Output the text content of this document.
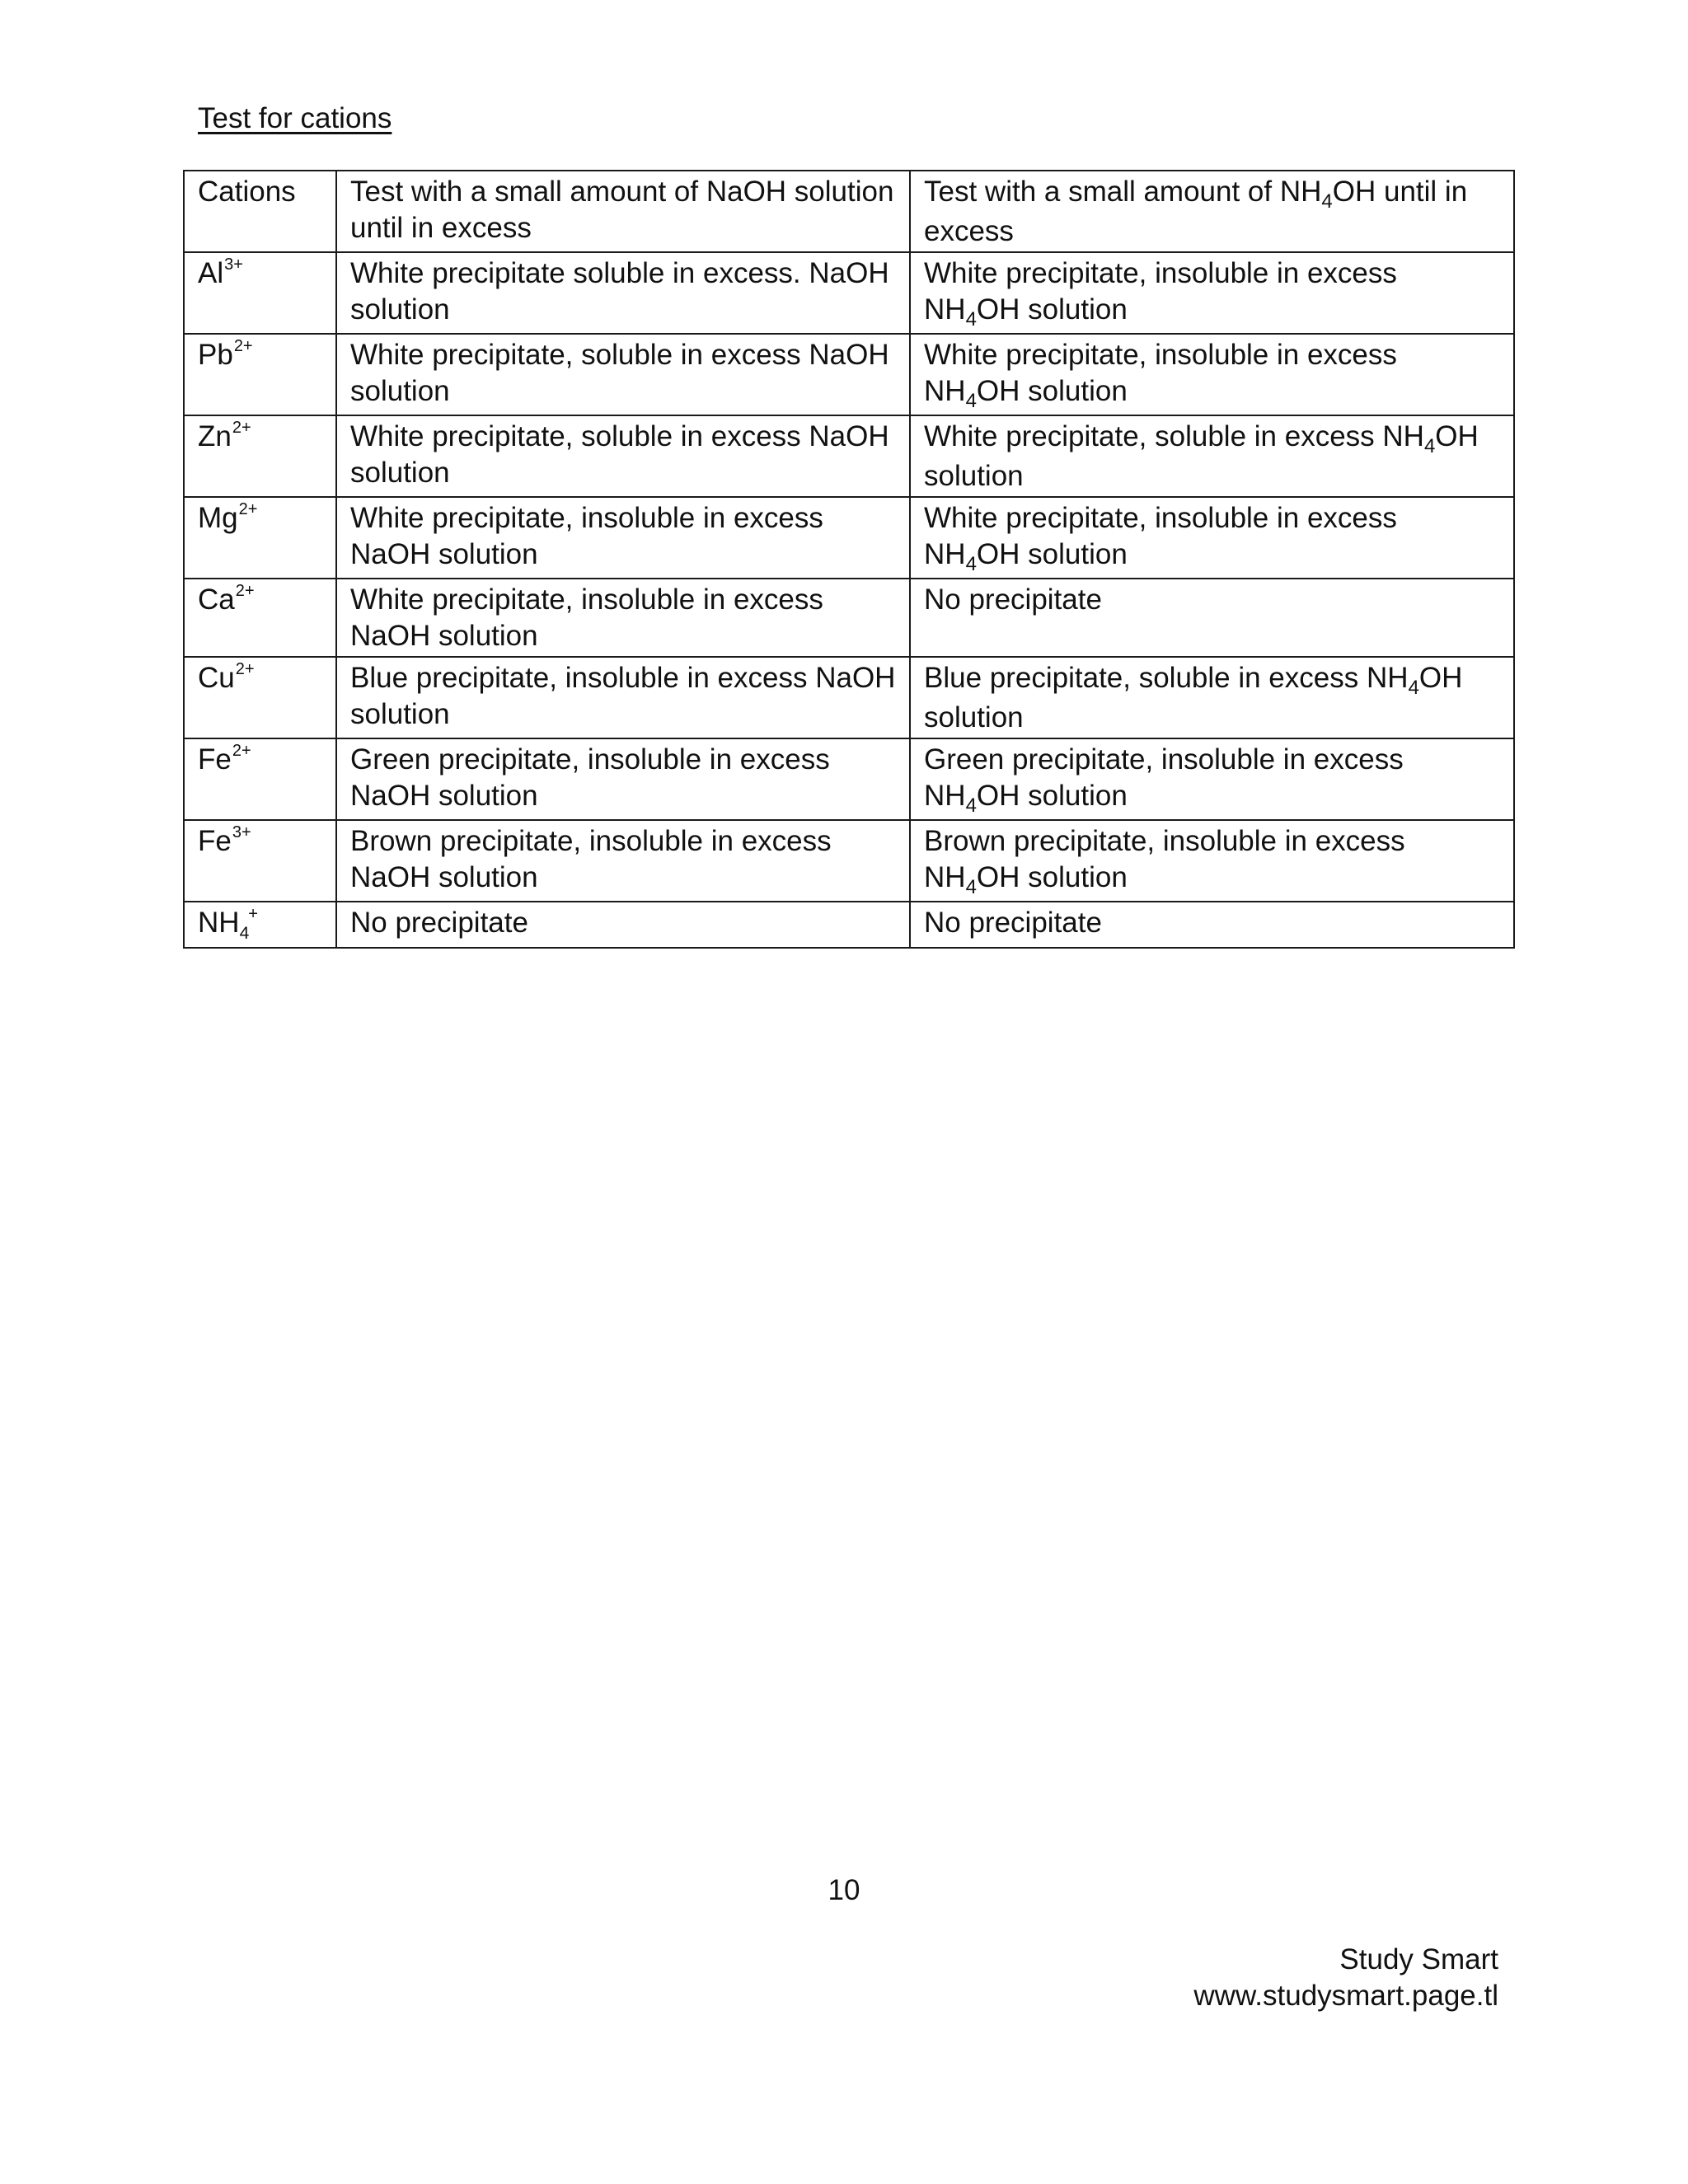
Test for cations
Cations	Test with a small amount of NaOH solution until in excess	Test with a small amount of $NH_4OH$ until in excess
$Al^{3+}$	White precipitate soluble in excess. NaOH solution	White precipitate, insoluble in excess $NH_4OH$ solution
$Pb^{2+}$	White precipitate, soluble in excess NaOH solution	White precipitate, insoluble in excess $NH_4OH$ solution
$Zn^{2+}$	White precipitate, soluble in excess NaOH solution	White precipitate, soluble in excess $NH_4OH$ solution
$Mg^{2+}$	White precipitate, insoluble in excess NaOH solution	White precipitate, insoluble in excess $NH_4OH$ solution
$Ca^{2+}$	White precipitate, insoluble in excess NaOH solution	No precipitate
$Cu^{2+}$	Blue precipitate, insoluble in excess NaOH solution	Blue precipitate, soluble in excess $NH_4OH$ solution
$Fe^{2+}$	Green precipitate, insoluble in excess NaOH solution	Green precipitate, insoluble in excess $NH_4OH$ solution
$Fe^{3+}$	Brown precipitate, insoluble in excess NaOH solution	Brown precipitate, insoluble in excess $NH_4OH$ solution
$NH_4^+$	No precipitate	No precipitate
10
Study Smart
www.studysmart.page.tl
